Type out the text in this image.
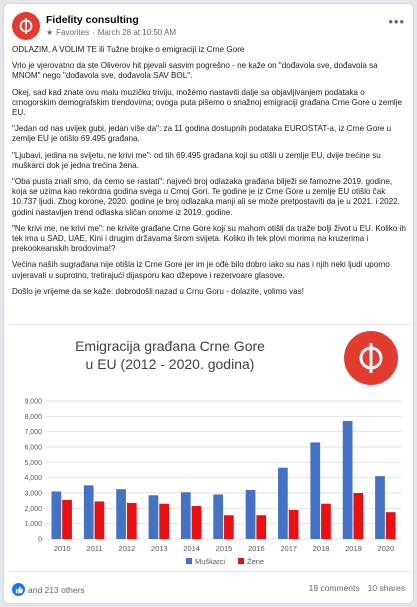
Fidelity consulting
★ Favorites · March 28 at 10:50 AM
•••

ODLAZIM, A VOLIM TE ili Tužne brojke o emigraciji iz Crne Gore

Vrlo je vjerovatno da ste Oliverov hit pjevali sasvim pogrešno - ne kaže on "dođavola sve, dođavola sa MNOM" nego "dođavola sve, dođavola SAV BOL".

Okej, sad kad znate ovu malu muzičku triviju, možemo nastaviti dalje sa objavljivanjem podataka o crnogorskim demografskim trendovima; ovoga puta pišemo o snažnoj emigraciji građana Crne Gore u zemlje EU.

"Jedan od nas uvijek gubi, jedan više da": za 11 godina dostupnih podataka EUROSTAT-a, iz Crne Gore u zemlje EU je otišlo 69.495 građana.

"Ljubavi, jedina na svijetu, ne krivi me": od tih 69.495 građana koji su otišli u zemlje EU, dvije trećine su muškarci dok je jedna trećina žena.

"Oba pusta znali smo, da ćemo se rastati": najveći broj odlazaka građana bilježi se famozne 2019. godine, koja se uzima kao rekordna godina svega u Crnoj Gori. Te godine je iz Crne Gore u zemlje EU otišlo čak 10.737 ljudi. Zbog korone, 2020. godine je broj odlazaka manji ali se može pretpostaviti da je u 2021. i 2022. godini nastavljen trend odlaska sličan onome iz 2019. godine.

"Ne krivi me, ne krivi me": ne krivite građane Crne Gore koji su mahom otišli da traže bolji život u EU. Koliko ih tek ima u SAD, UAE, Kini i drugim državama širom svijeta. Koliko ih tek plovi morima na kruzerima i prekookeanskih brodovima!?

Većina naših sugrađana nije otišla iz Crne Gore jer im je ođe bilo dobro iako su nas i njih neki ljudi uporno uvjeravali u suprotno, tretirajući dijasporu kao džepove i rezervoare glasove.

Došlo je vrijeme da se kaže: dobrodošli nazad u Crnu Goru - dolazite, volimo vas!

Emigracija građana Crne Gore
u EU (2012 - 2020. godina)
0
1,000
2,000
3,000
4,000
5,000
6,000
7,000
8,000
9,000
2010 2011 2012 2013 2014 2015 2016 2017 2018 2019 2020
Muškarci	Žene
and 213 others	19 comments 10 shares
